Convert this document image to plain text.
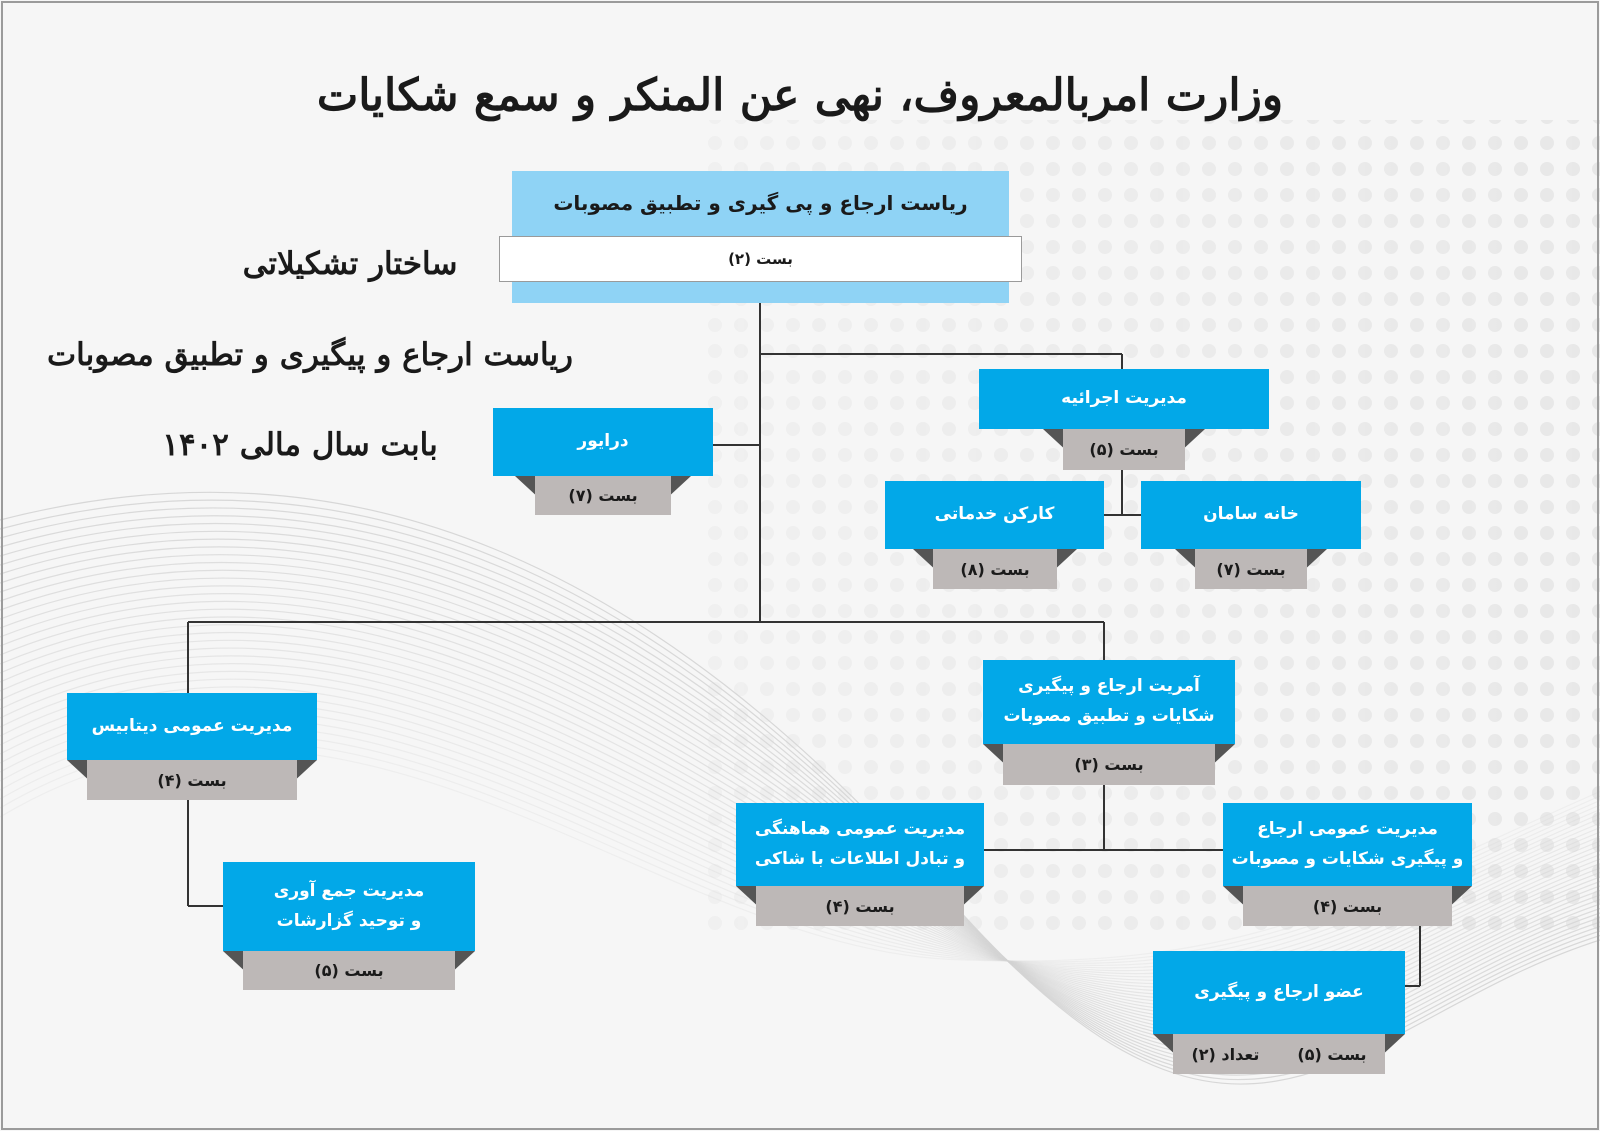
وزارت امربالمعروف، نهی عن المنکر و سمع شکایات
ساختار تشکیلاتی
ریاست ارجاع و پیگیری و تطبیق مصوبات
بابت سال مالی ۱۴۰۲
ریاست ارجاع و پی گیری و تطبیق مصوبات
بست (۲)
مدیریت اجرائیه
بست (۵)
درایور
بست (۷)
کارکن خدماتی
بست (۸)
خانه سامان
بست (۷)
آمریت ارجاع و پیگیری
شکایات و تطبیق مصوبات
بست (۳)
مدیریت عمومی دیتابیس
بست (۴)
مدیریت جمع آوری
و توحید گزارشات
بست (۵)
مدیریت عمومی هماهنگی
و تبادل اطلاعات با شاکی
بست (۴)
مدیریت عمومی ارجاع
و پیگیری شکایات و مصوبات
بست (۴)
عضو ارجاع و پیگیری
بست (۵)
تعداد (۲)
